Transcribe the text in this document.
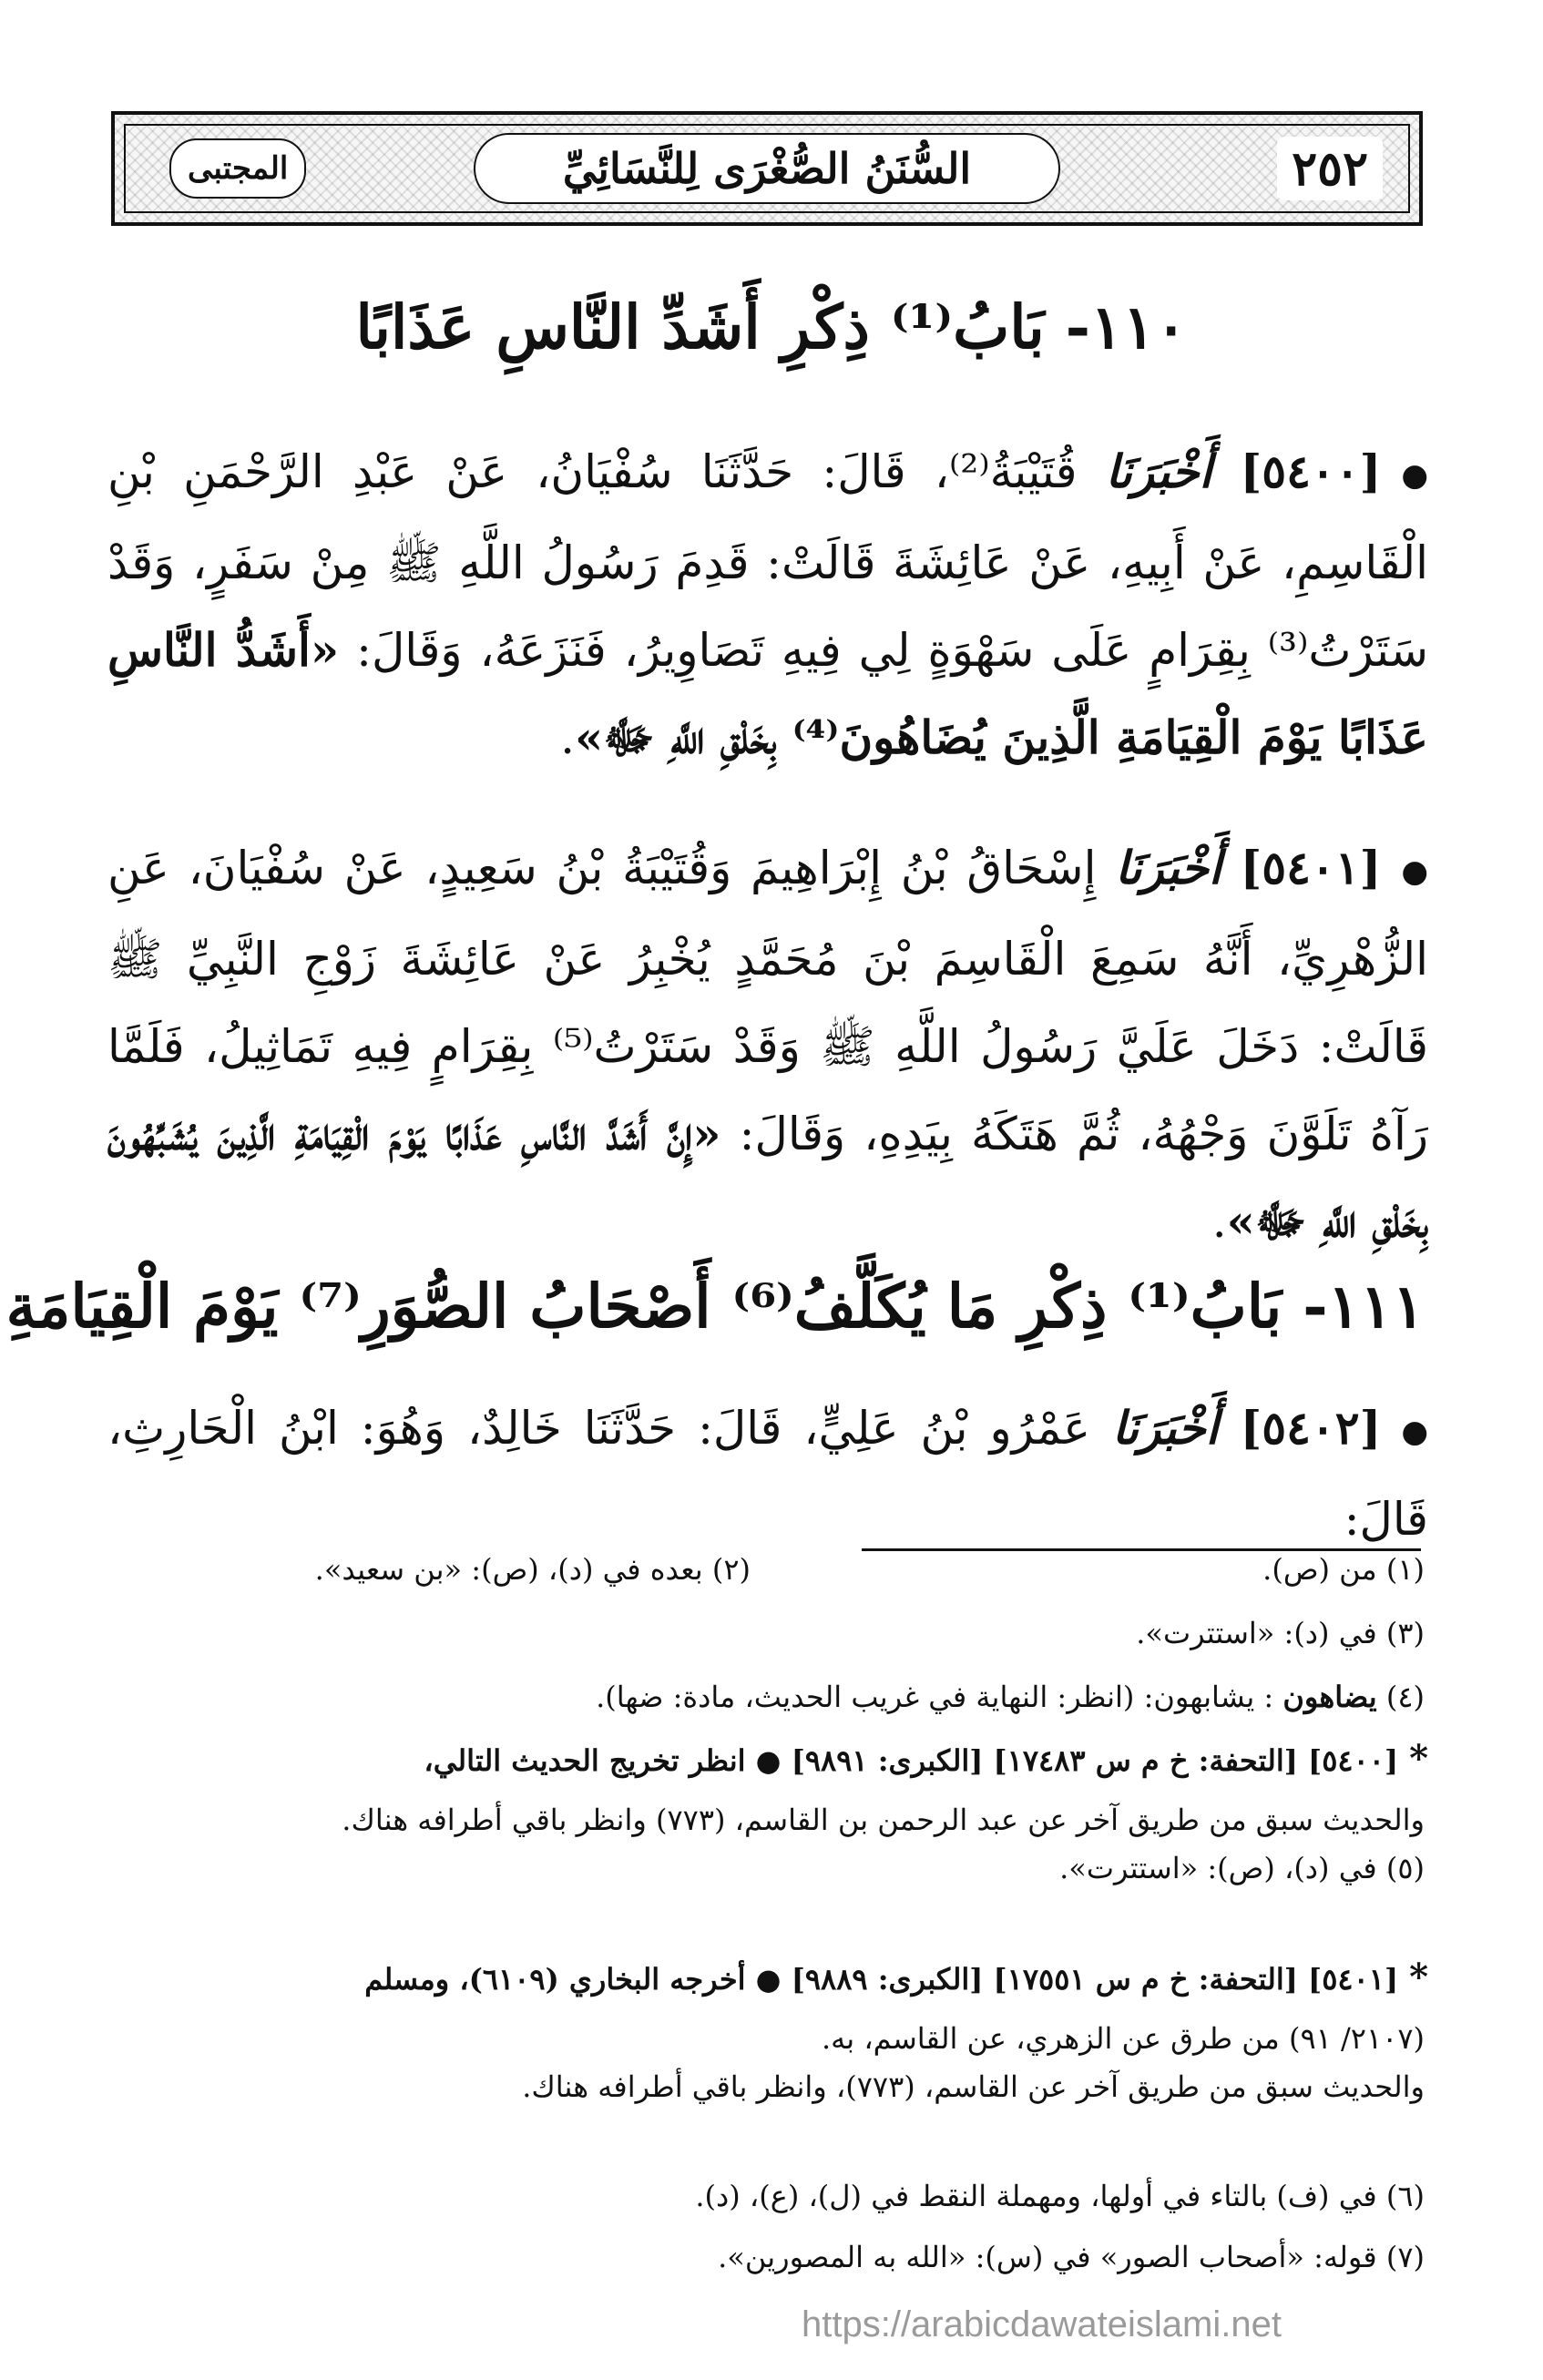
٢٥٢
السُّنَنُ الصُّغْرَى لِلنَّسَائِيِّ
المجتبى
١١٠- بَابُ⁽¹⁾ ذِكْرِ أَشَدِّ النَّاسِ عَذَابًا
●[٥٤٠٠] أَخْبَرَنَا قُتَيْبَةُ⁽²⁾، قَالَ: حَدَّثَنَا سُفْيَانُ، عَنْ عَبْدِ الرَّحْمَنِ بْنِ الْقَاسِمِ، عَنْ أَبِيهِ، عَنْ عَائِشَةَ قَالَتْ: قَدِمَ رَسُولُ اللَّهِ ﷺ مِنْ سَفَرٍ، وَقَدْ سَتَرْتُ⁽³⁾ بِقِرَامٍ عَلَى سَهْوَةٍ لِي فِيهِ تَصَاوِيرُ، فَنَزَعَهُ، وَقَالَ: «أَشَدُّ النَّاسِ عَذَابًا يَوْمَ الْقِيَامَةِ الَّذِينَ يُضَاهُونَ⁽⁴⁾ بِخَلْقِ اللَّهِ ﷻ».
●[٥٤٠١] أَخْبَرَنَا إِسْحَاقُ بْنُ إِبْرَاهِيمَ وَقُتَيْبَةُ بْنُ سَعِيدٍ، عَنْ سُفْيَانَ، عَنِ الزُّهْرِيِّ، أَنَّهُ سَمِعَ الْقَاسِمَ بْنَ مُحَمَّدٍ يُخْبِرُ عَنْ عَائِشَةَ زَوْجِ النَّبِيِّ ﷺ قَالَتْ: دَخَلَ عَلَيَّ رَسُولُ اللَّهِ ﷺ وَقَدْ سَتَرْتُ⁽⁵⁾ بِقِرَامٍ فِيهِ تَمَاثِيلُ، فَلَمَّا رَآهُ تَلَوَّنَ وَجْهُهُ، ثُمَّ هَتَكَهُ بِيَدِهِ، وَقَالَ: «إِنَّ أَشَدَّ النَّاسِ عَذَابًا يَوْمَ الْقِيَامَةِ الَّذِينَ يُشَبِّهُونَ بِخَلْقِ اللَّهِ ﷻ».
١١١- بَابُ⁽¹⁾ ذِكْرِ مَا يُكَلَّفُ⁽⁶⁾ أَصْحَابُ الصُّوَرِ⁽⁷⁾ يَوْمَ الْقِيَامَةِ
●[٥٤٠٢] أَخْبَرَنَا عَمْرُو بْنُ عَلِيٍّ، قَالَ: حَدَّثَنَا خَالِدٌ، وَهُوَ: ابْنُ الْحَارِثِ، قَالَ:
(١) من (ص).
(٢) بعده في (د)، (ص): «بن سعيد».
(٣) في (د): «استترت».
(٤) يضاهون : يشابهون: (انظر: النهاية في غريب الحديث، مادة: ضها).
*[٥٤٠٠] [التحفة: خ م س ١٧٤٨٣] [الكبرى: ٩٨٩١] ● انظر تخريج الحديث التالي،
والحديث سبق من طريق آخر عن عبد الرحمن بن القاسم، (٧٧٣) وانظر باقي أطرافه هناك.
(٥) في (د)، (ص): «استترت».
*[٥٤٠١] [التحفة: خ م س ١٧٥٥١] [الكبرى: ٩٨٨٩] ● أخرجه البخاري (٦١٠٩)، ومسلم
(٢١٠٧/ ٩١) من طرق عن الزهري، عن القاسم، به.
والحديث سبق من طريق آخر عن القاسم، (٧٧٣)، وانظر باقي أطرافه هناك.
(٦) في (ف) بالتاء في أولها، ومهملة النقط في (ل)، (ع)، (د).
(٧) قوله: «أصحاب الصور» في (س): «الله به المصورين».
https://arabicdawateislami.net
